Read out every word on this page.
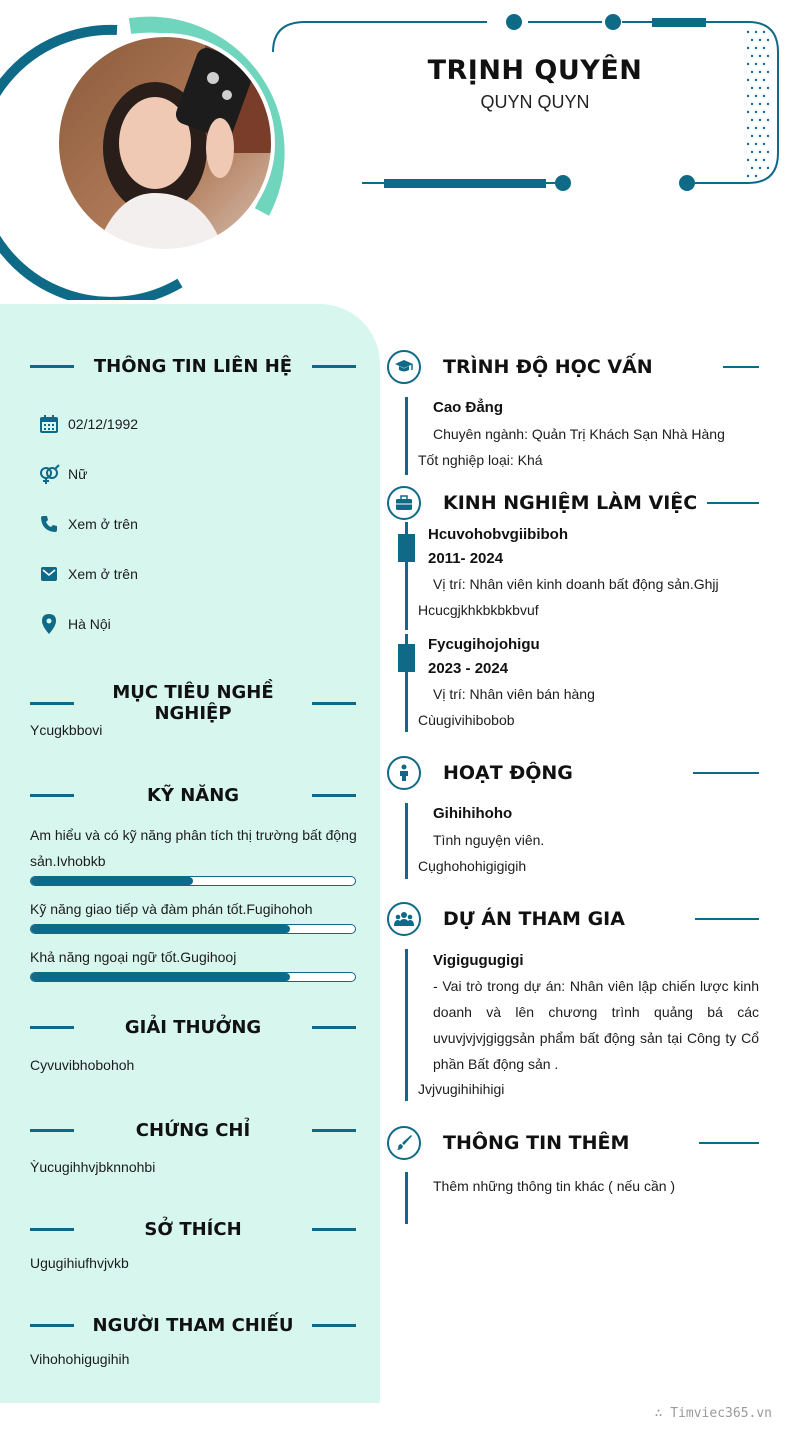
TRỊNH QUYÊN
QUYN QUYN
THÔNG TIN LIÊN HỆ
02/12/1992
Nữ
Xem ở trên
Xem ở trên
Hà Nội
MỤC TIÊU NGHỀ NGHIỆP
Ycugkbbovi
KỸ NĂNG
Am hiểu và có kỹ năng phân tích thị trường bất động sản.Ivhobkb
Kỹ năng giao tiếp và đàm phán tốt.Fugihohoh
Khả năng ngoại ngữ tốt.Gugihooj
GIẢI THƯỞNG
Cyvuvibhobohoh
CHỨNG CHỈ
Ỳucugihhvjbknnohbi
SỞ THÍCH
Ugugihiufhvjvkb
NGƯỜI THAM CHIẾU
Vihohohigugihih
TRÌNH ĐỘ HỌC VẤN
Cao Đẳng
Chuyên ngành: Quản Trị Khách Sạn Nhà Hàng
Tốt nghiệp loại: Khá
KINH NGHIỆM LÀM VIỆC
Hcuvohobvgiibiboh
2011- 2024
Vị trí: Nhân viên kinh doanh bất động sản.Ghjj
Hcucgjkhkbkbkbvuf
Fycugihojohigu
2023 - 2024
Vị trí: Nhân viên bán hàng
Cùugivihibobob
HOẠT ĐỘNG
Gihihihoho
Tình nguyện viên.
Cụghohohigigigih
DỰ ÁN THAM GIA
Vigigugugigi
- Vai trò trong dự án: Nhân viên lập chiến lược kinh doanh và lên chương trình quảng bá các uvuvjvjvjgiggsản phẩm bất động sản tại Công ty Cổ phần Bất động sản .
Jvjvugihihihigi
THÔNG TIN THÊM
Thêm những thông tin khác ( nếu cần )
∴ Timviec365.vn
